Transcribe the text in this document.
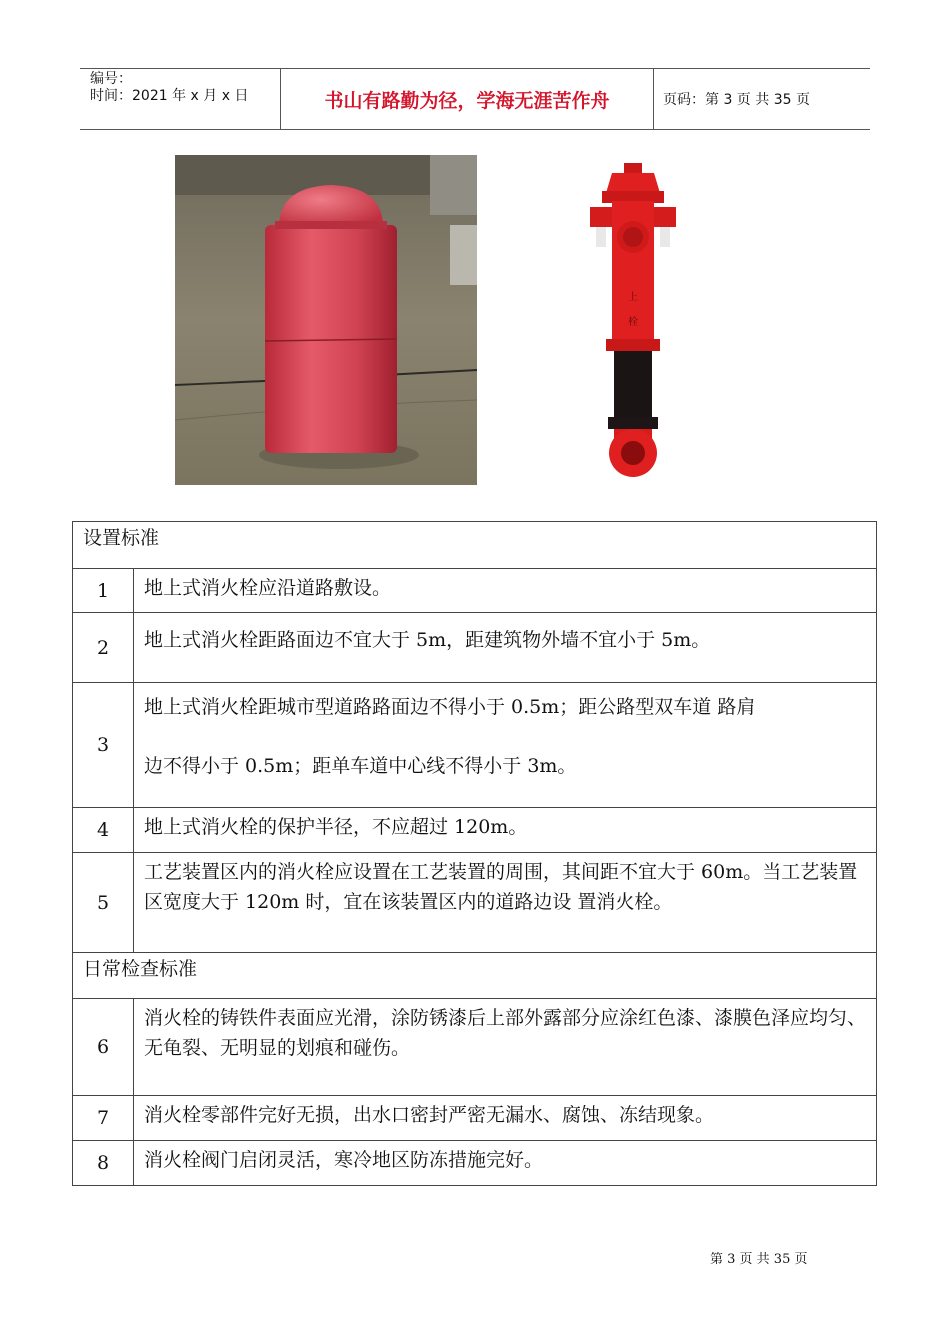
编号：
时间：2021 年 x 月 x 日	书山有路勤为径，学海无涯苦作舟	页码：第 3 页 共 35 页
上
栓
设置标准	
1	地上式消火栓应沿道路敷设。
2	地上式消火栓距路面边不宜大于 5m，距建筑物外墙不宜小于 5m。
3	地上式消火栓距城市型道路路面边不得小于 0.5m；距公路型双车道 路肩
边不得小于 0.5m；距单车道中心线不得小于 3m。

4	地上式消火栓的保护半径，不应超过 120m。
5	工艺装置区内的消火栓应设置在工艺装置的周围，其间距不宜大于 60m。当工艺装置区宽度大于 120m 时，宜在该装置区内的道路边设 置消火栓。
日常检查标准	
6	消火栓的铸铁件表面应光滑，涂防锈漆后上部外露部分应涂红色漆、漆膜色泽应均匀、无龟裂、无明显的划痕和碰伤。
7	消火栓零部件完好无损，出水口密封严密无漏水、腐蚀、冻结现象。
8	消火栓阀门启闭灵活，寒冷地区防冻措施完好。
第 3 页 共 35 页
